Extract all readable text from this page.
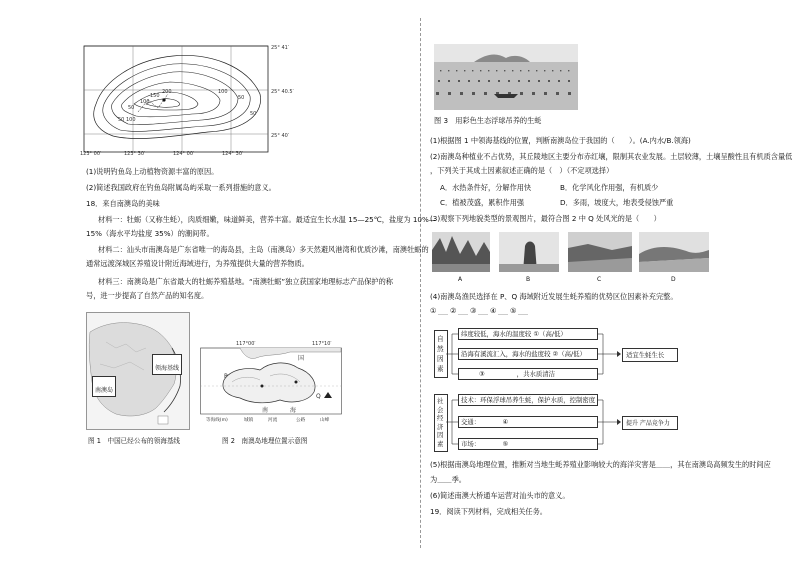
25° 41′
25° 40.5′
25° 40′
123° 00′	123° 30′	124° 00′	124° 30′
50
100
150
200	100
50
50 100
50
(1)说明钓鱼岛上动植物资源丰富的原因。
(2)简述我国政府在钓鱼岛附属岛屿采取一系列措施的意义。
18．来自南澳岛的美味
材料一：牡蛎（又称生蚝），肉质细嫩，味道鲜美，营养丰富。最适宜生长水温 15—25℃，盐度为 10%—
15%（海水平均盐度 35%）的潮间带。
材料二：汕头市南澳岛是广东省唯一的海岛县，主岛（南澳岛）多天然避风港湾和优质沙滩，南澳牡蛎的
通常远渡深城区养殖设计附近海域进行，为养殖提供大量的营养物质。
材料三：南澳岛是广东省最大的牡蛎养殖基地。“南澳牡蛎”独立获国家地理标志产品保护的称
号，进一步提高了自然产品的知名度。
领海基线
南澳岛
图 1　中国已经公布的领海基线
117°00′	117°10′
国
P
Q
南	海
等海线(m)	城镇	河流	公路	山峰
图 2　南澳岛地理位置示意图
图 3　用彩色生态浮球吊养的生蚝
(1)根据图 1 中领海基线的位置，判断南澳岛位于我国的（　　）。(A.内水/B.领海)
(2)南澳岛种植业不占优势，其丘陵地区主要分布赤红壤，限制其农业发展。土层较薄，土壤呈酸性且有机质含量低
，下列关于其成土因素叙述正确的是（　）（不定项选择）
A．水热条件好，分解作用快	B．化学风化作用强，有机质少
C．植被茂盛，累积作用强	D．多雨，坡度大，地表受侵蚀严重
(3)观察下列地貌类型的景观图片，最符合图 2 中 Q 处风光的是（　　）
A	B	C	D
(4)南澳岛渔民选择在 P、Q 海域附近发展生蚝养殖的优势区位因素补充完整。
① ② ③ ④ ⑤
自然因素
纬度较低，海水的温度较 ①（高/低）
沿海有溪流汇入，海水的盐度较 ②（高/低）
③　　　　　，共水质清洁
适宜生蚝生长
社会经济因素
技术：环保浮球吊养生蚝，保护水质，控制密度
交通：　　　　④　　　　
市场：　　　　⑤　　　　
提升 产品竞争力
(5)根据南澳岛地理位置，推断对当地生蚝养殖业影响较大的海洋灾害是＿＿，其在南澳岛高频发生的时间应
为＿＿季。
(6)简述南澳大桥通车运营对汕头市的意义。
19．阅读下列材料，完成相关任务。
